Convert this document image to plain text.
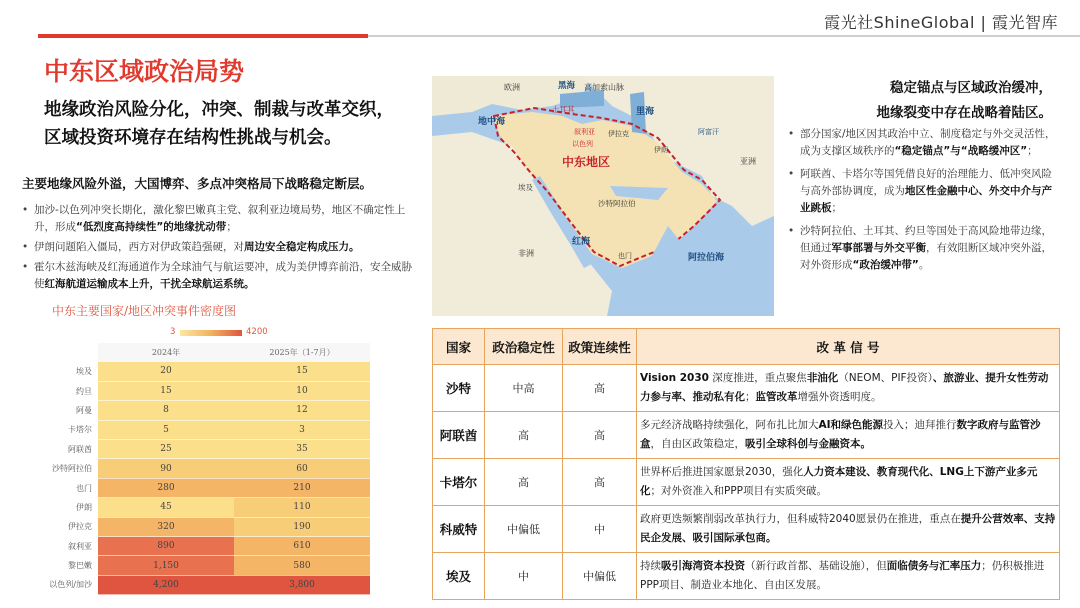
霞光社ShineGlobal | 霞光智库
中东区域政治局势
地缘政治风险分化，冲突、制裁与改革交织，
区域投资环境存在结构性挑战与机会。
主要地缘风险外溢，大国博弈、多点冲突格局下战略稳定断层。
• 加沙-以色列冲突长期化，激化黎巴嫩真主党、叙利亚边境局势，地区不确定性上升，形成“低烈度高持续性”的地缘扰动带；
• 伊朗问题陷入僵局，西方对伊政策趋强硬，对周边安全稳定构成压力。
• 霍尔木兹海峡及红海通道作为全球油气与航运要冲，成为美伊博弈前沿，安全威胁使红海航道运输成本上升，干扰全球航运系统。
中东主要国家/地区冲突事件密度图
3	4200
	2024年	2025年（1-7月）
埃及	20	15
约旦	15	10
阿曼	8	12
卡塔尔	5	3
阿联酋	25	35
沙特阿拉伯	90	60
也门	280	210
伊朗	45	110
伊拉克	320	190
叙利亚	890	610
黎巴嫩	1,150	580
以色列/加沙	4,200	3,800
欧洲	黑海 高加索山脉
地中海
土耳其	里海
叙利亚
以色列
伊拉克
伊朗
阿富汗
中东地区	亚洲
埃及
沙特阿拉伯
红海
非洲	也门	阿拉伯海
稳定锚点与区域政治缓冲，
地缘裂变中存在战略着陆区。
• 部分国家/地区因其政治中立、制度稳定与外交灵活性，成为支撑区域秩序的“稳定锚点”与“战略缓冲区”；
• 阿联酋、卡塔尔等国凭借良好的治理能力、低冲突风险与高外部协调度，成为地区性金融中心、外交中介与产业跳板；
• 沙特阿拉伯、土耳其、约旦等国处于高风险地带边缘，但通过军事部署与外交平衡，有效阻断区域冲突外溢，对外资形成“政治缓冲带”。
国家	政治稳定性	政策连续性	改 革 信 号
沙特	中高	高	Vision 2030 深度推进，重点聚焦非油化（NEOM、PIF投资）、旅游业、提升女性劳动力参与率、推动私有化；监管改革增强外资透明度。
阿联酋	高	高	多元经济战略持续强化，阿布扎比加大AI和绿色能源投入；迪拜推行数字政府与监管沙盒，自由区政策稳定，吸引全球科创与金融资本。
卡塔尔	高	高	世界杯后推进国家愿景2030，强化人力资本建设、教育现代化、LNG上下游产业多元化；对外资准入和PPP项目有实质突破。
科威特	中偏低	中	政府更迭频繁削弱改革执行力，但科威特2040愿景仍在推进，重点在提升公营效率、支持民企发展、吸引国际承包商。
埃及	中	中偏低	持续吸引海湾资本投资（新行政首都、基础设施），但面临债务与汇率压力；仍积极推进PPP项目、制造业本地化、自由区发展。
